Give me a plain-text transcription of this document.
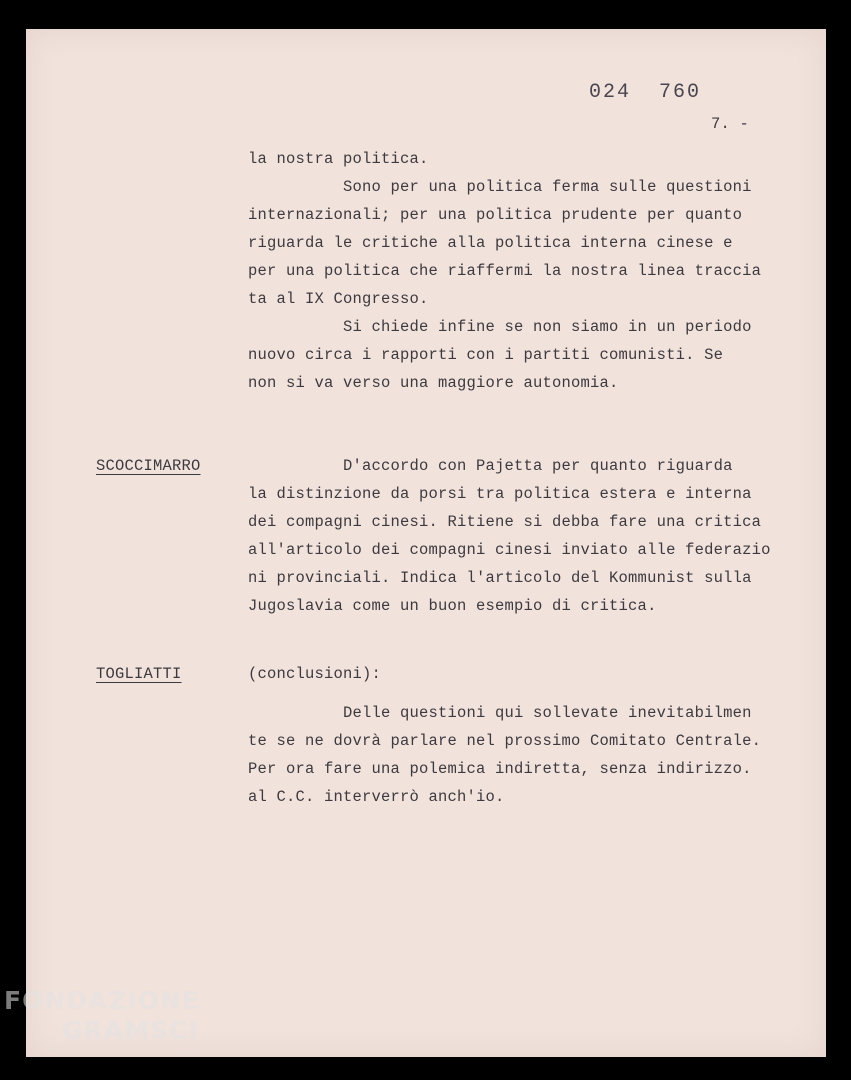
024  760

7. -

la nostra politica.

Sono per una politica ferma sulle questioni

internazionali; per una politica prudente per quanto

riguarda le critiche alla politica interna cinese e

per una politica che riaffermi la nostra linea traccia

ta al IX Congresso.

Si chiede infine se non siamo in un periodo

nuovo circa i rapporti con i partiti comunisti. Se

non si va verso una maggiore autonomia.

SCOCCIMARRO	D'accordo con Pajetta per quanto riguarda

la distinzione da porsi tra politica estera e interna

dei compagni cinesi. Ritiene si debba fare una critica

all'articolo dei compagni cinesi inviato alle federazio

ni provinciali. Indica l'articolo del Kommunist sulla

Jugoslavia come un buon esempio di critica.

TOGLIATTI	(conclusioni):

Delle questioni qui sollevate inevitabilmen

te se ne dovrà parlare nel prossimo Comitato Centrale.

Per ora fare una polemica indiretta, senza indirizzo.

al C.C. interverrò anch'io.

FONDAZIONE

GRAMSCI

onlus
